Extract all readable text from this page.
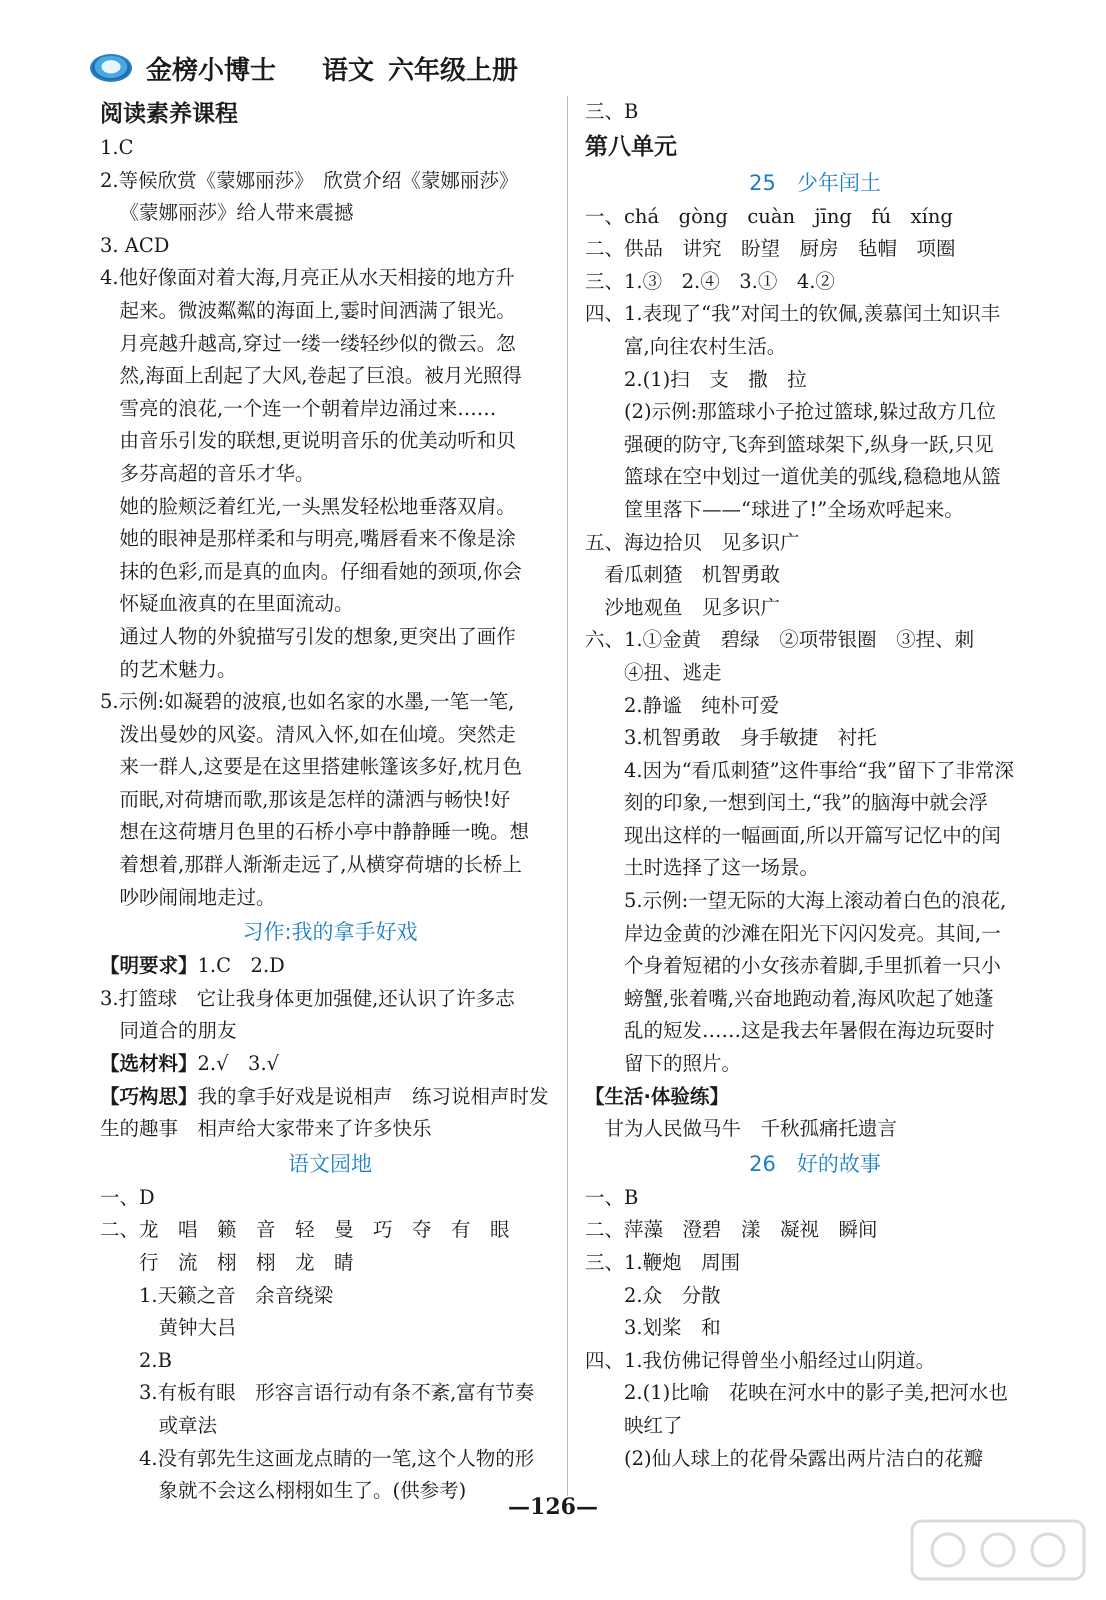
金榜小博士 语文 六年级上册
阅读素养课程
1.C
2.等候欣赏《蒙娜丽莎》　欣赏介绍《蒙娜丽莎》
《蒙娜丽莎》给人带来震撼
3. ACD
4.他好像面对着大海,月亮正从水天相接的地方升
起来。微波粼粼的海面上,霎时间洒满了银光。
月亮越升越高,穿过一缕一缕轻纱似的微云。忽
然,海面上刮起了大风,卷起了巨浪。被月光照得
雪亮的浪花,一个连一个朝着岸边涌过来……
由音乐引发的联想,更说明音乐的优美动听和贝
多芬高超的音乐才华。
她的脸颊泛着红光,一头黑发轻松地垂落双肩。
她的眼神是那样柔和与明亮,嘴唇看来不像是涂
抹的色彩,而是真的血肉。仔细看她的颈项,你会
怀疑血液真的在里面流动。
通过人物的外貌描写引发的想象,更突出了画作
的艺术魅力。
5.示例:如凝碧的波痕,也如名家的水墨,一笔一笔,
泼出曼妙的风姿。清风入怀,如在仙境。突然走
来一群人,这要是在这里搭建帐篷该多好,枕月色
而眠,对荷塘而歌,那该是怎样的潇洒与畅快!好
想在这荷塘月色里的石桥小亭中静静睡一晚。想
着想着,那群人渐渐走远了,从横穿荷塘的长桥上
吵吵闹闹地走过。
习作:我的拿手好戏
【明要求】1.C　2.D
3.打篮球　它让我身体更加强健,还认识了许多志
同道合的朋友
【选材料】2.√　3.√
【巧构思】我的拿手好戏是说相声　练习说相声时发
生的趣事　相声给大家带来了许多快乐
语文园地
一、D
二、龙　唱　籁　音　轻　曼　巧　夺　有　眼
　行　流　栩　栩　龙　睛
1.天籁之音　余音绕梁
黄钟大吕
2.B
3.有板有眼　形容言语行动有条不紊,富有节奏
或章法
4.没有郭先生这画龙点睛的一笔,这个人物的形
象就不会这么栩栩如生了。(供参考)
三、B
第八单元
25　少年闰土
一、chá　gòng　cuàn　jīng　fú　xíng
二、供品　讲究　盼望　厨房　毡帽　项圈
三、1.③　2.④　3.①　4.②
四、1.表现了“我”对闰土的钦佩,羡慕闰土知识丰
富,向往农村生活。
　2.(1)扫　支　撒　拉
(2)示例:那篮球小子抢过篮球,躲过敌方几位
强硬的防守,飞奔到篮球架下,纵身一跃,只见
篮球在空中划过一道优美的弧线,稳稳地从篮
筐里落下——“球进了!”全场欢呼起来。
五、海边拾贝　见多识广
看瓜刺猹　机智勇敢
沙地观鱼　见多识广
六、1.①金黄　碧绿　②项带银圈　③捏、刺
④扭、逃走
　2.静谧　纯朴可爱
　3.机智勇敢　身手敏捷　衬托
　4.因为“看瓜刺猹”这件事给“我”留下了非常深
刻的印象,一想到闰土,“我”的脑海中就会浮
现出这样的一幅画面,所以开篇写记忆中的闰
土时选择了这一场景。
　5.示例:一望无际的大海上滚动着白色的浪花,
岸边金黄的沙滩在阳光下闪闪发亮。其间,一
个身着短裙的小女孩赤着脚,手里抓着一只小
螃蟹,张着嘴,兴奋地跑动着,海风吹起了她蓬
乱的短发……这是我去年暑假在海边玩耍时
留下的照片。
【生活·体验练】
甘为人民做马牛　千秋孤痛托遗言
26　好的故事
一、B
二、萍藻　澄碧　漾　凝视　瞬间
三、1.鞭炮　周围
　2.众　分散
　3.划桨　和
四、1.我仿佛记得曾坐小船经过山阴道。
　2.(1)比喻　花映在河水中的影子美,把河水也
映红了
(2)仙人球上的花骨朵露出两片洁白的花瓣
—126—
